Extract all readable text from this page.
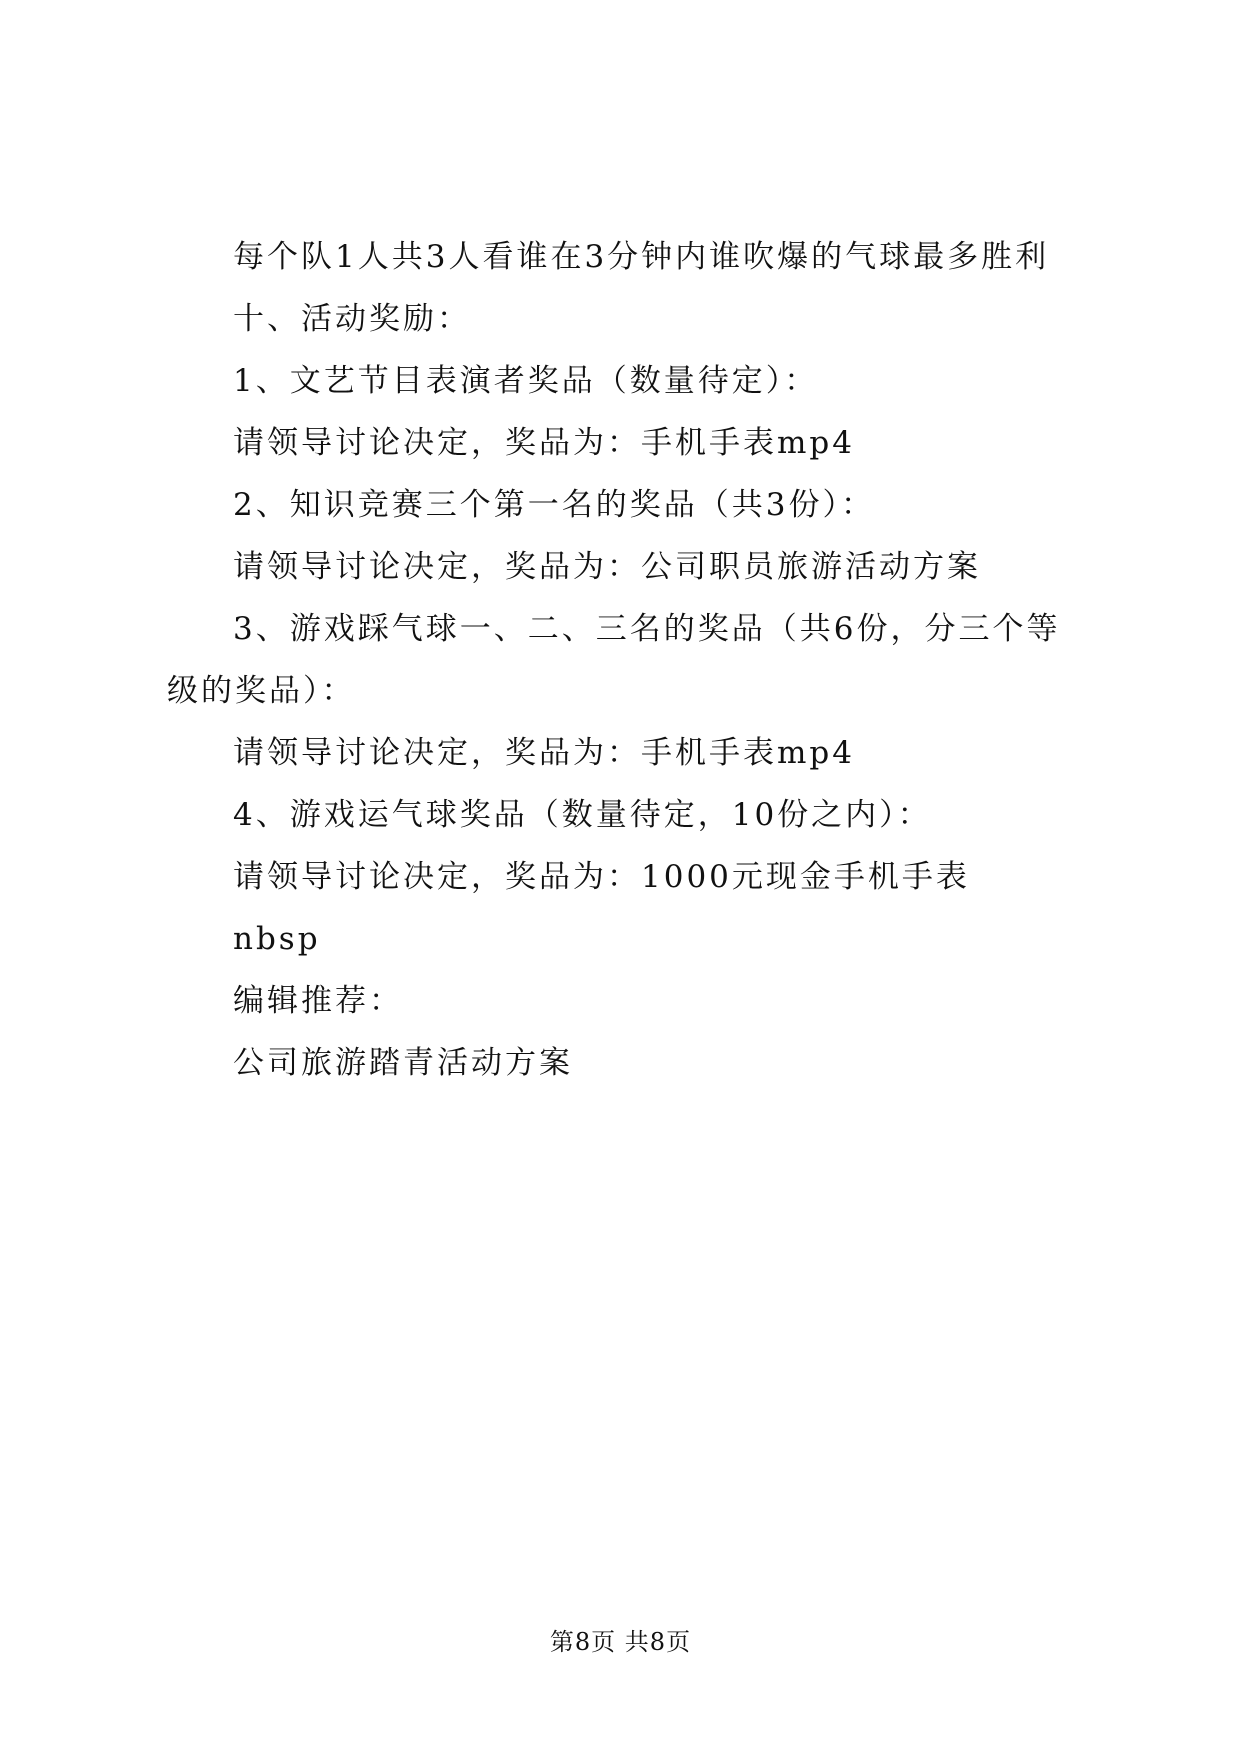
每个队1人共3人看谁在3分钟内谁吹爆的气球最多胜利

十、活动奖励：

1、文艺节目表演者奖品（数量待定）：

请领导讨论决定，奖品为：手机手表mp4

2、知识竞赛三个第一名的奖品（共3份）：

请领导讨论决定，奖品为：公司职员旅游活动方案

3、游戏踩气球一、二、三名的奖品（共6份，分三个等级的奖品）：

请领导讨论决定，奖品为：手机手表mp4

4、游戏运气球奖品（数量待定，10份之内）：

请领导讨论决定，奖品为：1000元现金手机手表

nbsp

编辑推荐：

公司旅游踏青活动方案

第8页 共8页
